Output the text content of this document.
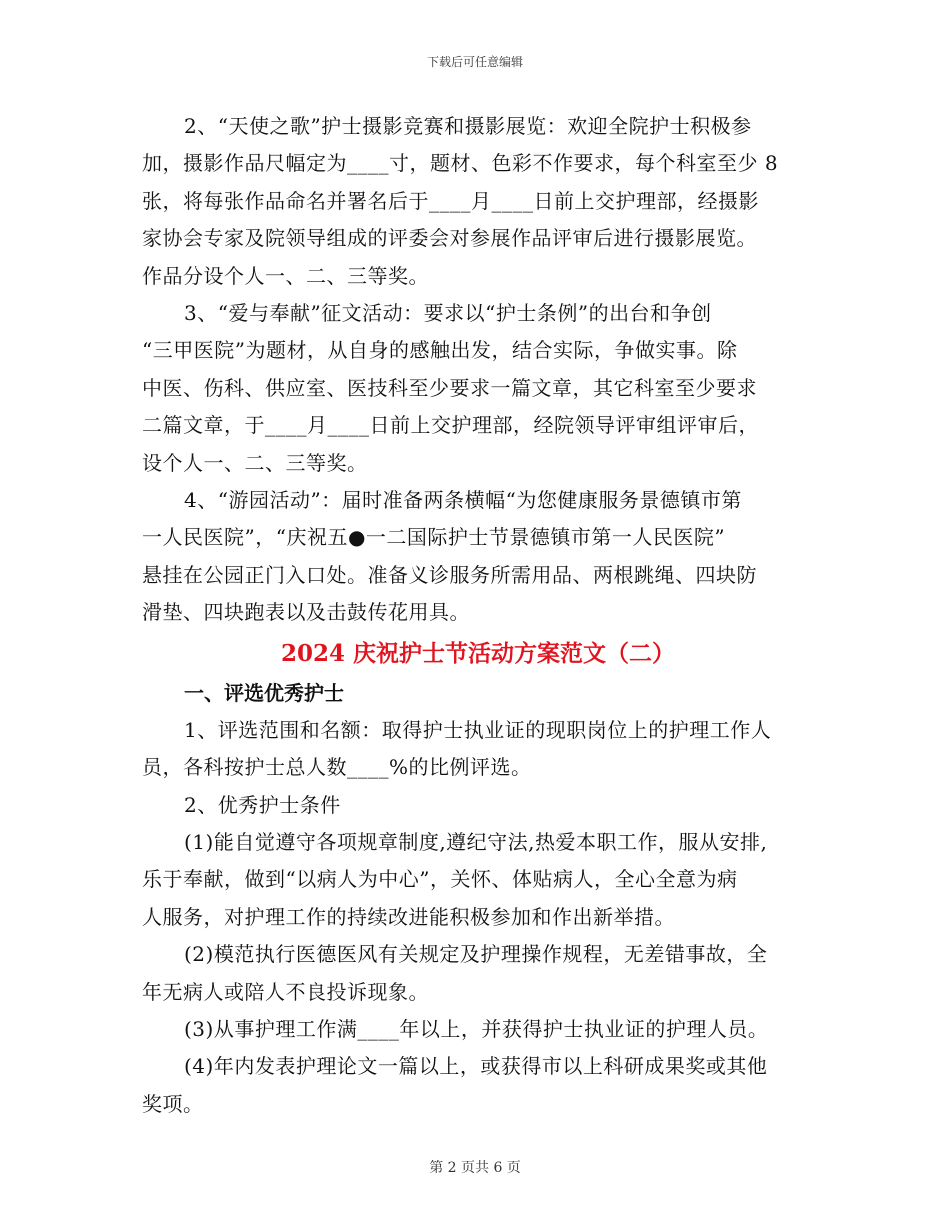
下载后可任意编辑

2、“天使之歌”护士摄影竞赛和摄影展览：欢迎全院护士积极参
加，摄影作品尺幅定为____寸，题材、色彩不作要求，每个科室至少 8
张，将每张作品命名并署名后于____月____日前上交护理部，经摄影
家协会专家及院领导组成的评委会对参展作品评审后进行摄影展览。
作品分设个人一、二、三等奖。

3、“爱与奉献”征文活动：要求以“护士条例”的出台和争创
“三甲医院”为题材，从自身的感触出发，结合实际，争做实事。除
中医、伤科、供应室、医技科至少要求一篇文章，其它科室至少要求
二篇文章，于____月____日前上交护理部，经院领导评审组评审后，
设个人一、二、三等奖。

4、“游园活动”：届时准备两条横幅“为您健康服务景德镇市第
一人民医院”，“庆祝五●一二国际护士节景德镇市第一人民医院”
悬挂在公园正门入口处。准备义诊服务所需用品、两根跳绳、四块防
滑垫、四块跑表以及击鼓传花用具。

2024 庆祝护士节活动方案范文（二）
一、评选优秀护士

1、评选范围和名额：取得护士执业证的现职岗位上的护理工作人
员，各科按护士总人数____%的比例评选。

2、优秀护士条件

(1)能自觉遵守各项规章制度,遵纪守法,热爱本职工作，服从安排,
乐于奉献，做到“以病人为中心”，关怀、体贴病人，全心全意为病
人服务，对护理工作的持续改进能积极参加和作出新举措。

(2)模范执行医德医风有关规定及护理操作规程，无差错事故，全
年无病人或陪人不良投诉现象。

(3)从事护理工作满____年以上，并获得护士执业证的护理人员。

(4)年内发表护理论文一篇以上，或获得市以上科研成果奖或其他
奖项。

第 2 页共 6 页
